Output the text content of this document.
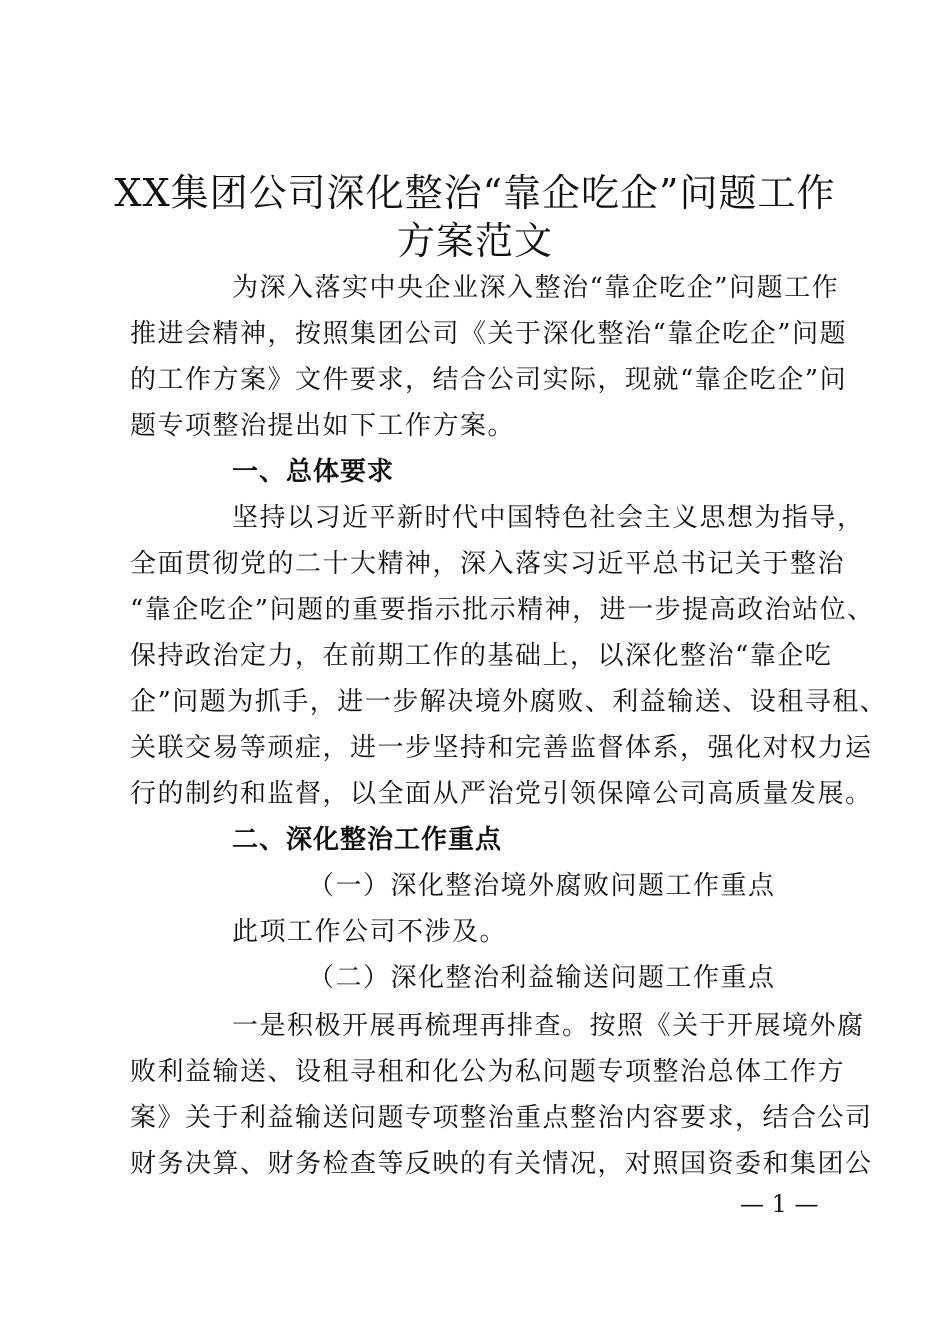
XX集团公司深化整治“靠企吃企”问题工作
方案范文
为深入落实中央企业深入整治“靠企吃企”问题工作
推进会精神，按照集团公司《关于深化整治“靠企吃企”问题
的工作方案》文件要求，结合公司实际，现就“靠企吃企”问
题专项整治提出如下工作方案。
一、总体要求
坚持以习近平新时代中国特色社会主义思想为指导，
全面贯彻党的二十大精神，深入落实习近平总书记关于整治
“靠企吃企”问题的重要指示批示精神，进一步提高政治站位、
保持政治定力，在前期工作的基础上，以深化整治“靠企吃
企”问题为抓手，进一步解决境外腐败、利益输送、设租寻租、
关联交易等顽症，进一步坚持和完善监督体系，强化对权力运
行的制约和监督，以全面从严治党引领保障公司高质量发展。
二、深化整治工作重点
（一）深化整治境外腐败问题工作重点
此项工作公司不涉及。
（二）深化整治利益输送问题工作重点
一是积极开展再梳理再排查。按照《关于开展境外腐
败利益输送、设租寻租和化公为私问题专项整治总体工作方
案》关于利益输送问题专项整治重点整治内容要求，结合公司
财务决算、财务检查等反映的有关情况，对照国资委和集团公
— 1 —
